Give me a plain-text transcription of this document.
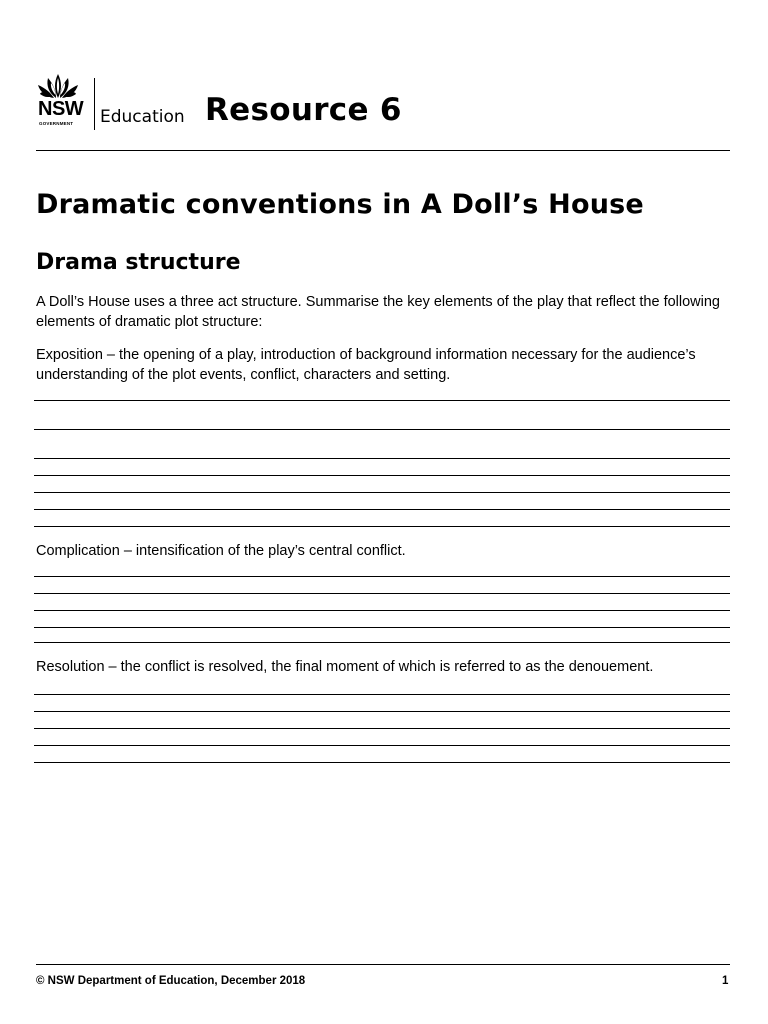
NSW
GOVERNMENT Education Resource 6
Dramatic conventions in A Doll’s House
Drama structure
A Doll’s House uses a three act structure. Summarise the key elements of the play that reflect the following elements of dramatic plot structure:
Exposition – the opening of a play, introduction of background information necessary for the audience’s understanding of the plot events, conflict, characters and setting.
Complication – intensification of the play’s central conflict.
Resolution – the conflict is resolved, the final moment of which is referred to as the denouement.
© NSW Department of Education, December 2018	1
